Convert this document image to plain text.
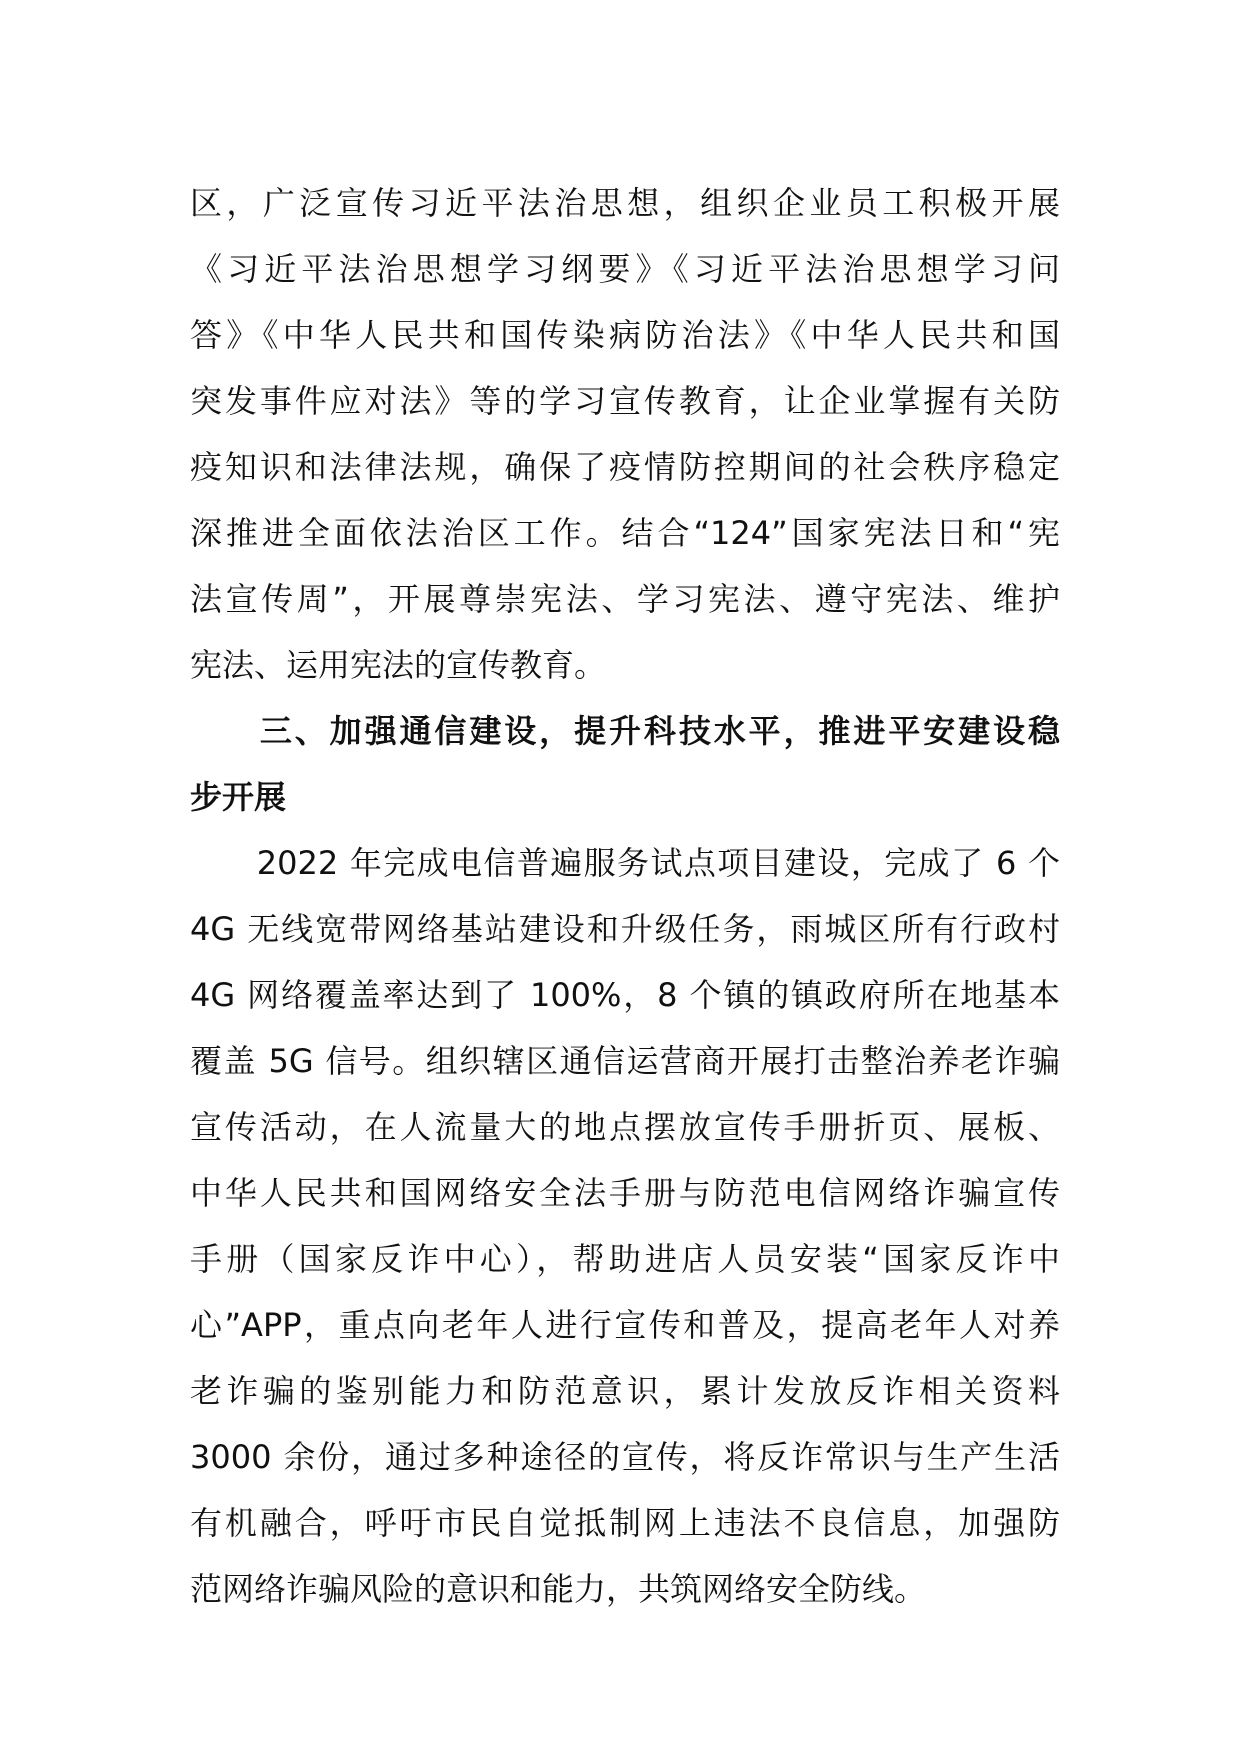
区，广泛宣传习近平法治思想，组织企业员工积极开展
《习近平法治思想学习纲要》《习近平法治思想学习问
答》《中华人民共和国传染病防治法》《中华人民共和国
突发事件应对法》等的学习宣传教育，让企业掌握有关防
疫知识和法律法规，确保了疫情防控期间的社会秩序稳定
深推进全面依法治区工作。结合“124”国家宪法日和“宪
法宣传周”，开展尊崇宪法、学习宪法、遵守宪法、维护
宪法、运用宪法的宣传教育。
　　三、加强通信建设，提升科技水平，推进平安建设稳
步开展
　　2022 年完成电信普遍服务试点项目建设，完成了 6 个
4G 无线宽带网络基站建设和升级任务，雨城区所有行政村
4G 网络覆盖率达到了 100%，8 个镇的镇政府所在地基本
覆盖 5G 信号。组织辖区通信运营商开展打击整治养老诈骗
宣传活动，在人流量大的地点摆放宣传手册折页、展板、
中华人民共和国网络安全法手册与防范电信网络诈骗宣传
手册（国家反诈中心），帮助进店人员安装“国家反诈中
心”APP，重点向老年人进行宣传和普及，提高老年人对养
老诈骗的鉴别能力和防范意识，累计发放反诈相关资料
3000 余份，通过多种途径的宣传，将反诈常识与生产生活
有机融合，呼吁市民自觉抵制网上违法不良信息，加强防
范网络诈骗风险的意识和能力，共筑网络安全防线。
